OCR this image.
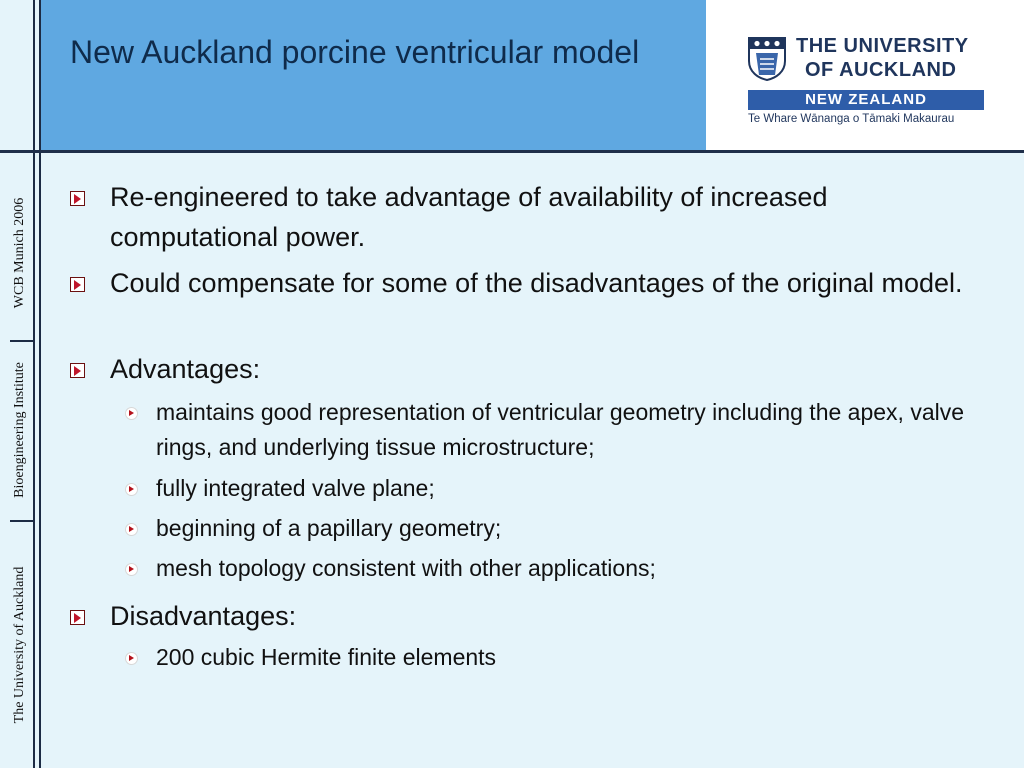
WCB Munich 2006
Bioengineering Institute
The University of Auckland
New Auckland porcine ventricular model	THE UNIVERSITY
OF AUCKLAND
NEW ZEALAND
Te Whare Wānanga o Tāmaki Makaurau
Re-engineered to take advantage of availability of increased computational power.
Could compensate for some of the disadvantages of the original model.
Advantages:
maintains good representation of ventricular geometry including the apex, valve rings, and underlying tissue microstructure;
fully integrated valve plane;
beginning of a papillary geometry;
mesh topology consistent with other applications;
Disadvantages:
200 cubic Hermite finite elements
